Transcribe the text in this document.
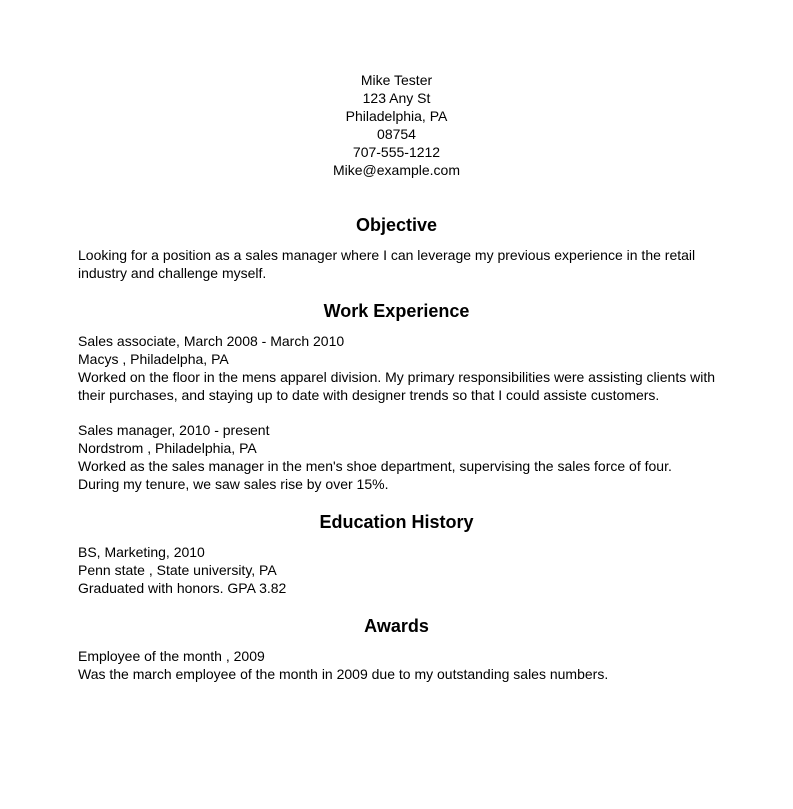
Mike Tester
123 Any St
Philadelphia, PA
08754
707-555-1212
Mike@example.com
Objective

Looking for a position as a sales manager where I can leverage my previous experience in the retail industry and challenge myself.

Work Experience
Sales associate, March 2008 - March 2010
Macys , Philadelpha, PA

Worked on the floor in the mens apparel division. My primary responsibilities were assisting clients with their purchases, and staying up to date with designer trends so that I could assiste customers.

Sales manager, 2010 - present
Nordstrom , Philadelphia, PA

Worked as the sales manager in the men's shoe department, supervising the sales force of four. During my tenure, we saw sales rise by over 15%.

Education History
BS, Marketing, 2010
Penn state , State university, PA
Graduated with honors. GPA 3.82
Awards
Employee of the month , 2009

Was the march employee of the month in 2009 due to my outstanding sales numbers.
